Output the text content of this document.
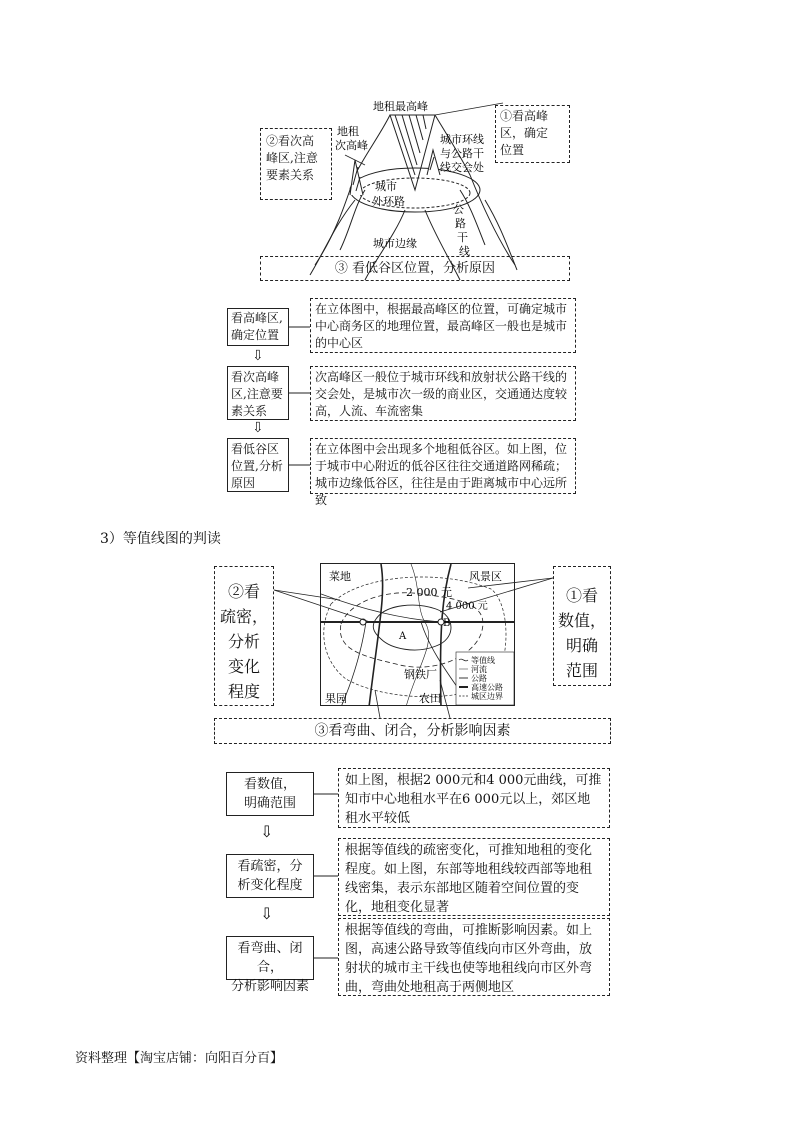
地租最高峰
地租
次高峰	城市环线
与公路干
线交会处
城市
外环路
公
路
干
线
城市边缘
①看高峰
区，确定
位置
②看次高
峰区,注意
要素关系
③ 看低谷区位置，分析原因
看高峰区,
确定位置
在立体图中，根据最高峰区的位置，可确定城市中心商务区的地理位置，最高峰区一般也是城市的中心区
⇩
看次高峰
区,注意要
素关系
次高峰区一般位于城市环线和放射状公路干线的交会处，是城市次一级的商业区，交通通达度较高，人流、车流密集
⇩
看低谷区
位置,分析
原因
在立体图中会出现多个地租低谷区。如上图，位于城市中心附近的低谷区往往交通道路网稀疏；城市边缘低谷区，往往是由于距离城市中心远所致
3）等值线图的判读
②看
疏密，
分析
变化
程度
①看
数值，
明确
范围
③看弯曲、闭合，分析影响因素
菜地	风景区
2 000 元
4 000 元
A
B
钢铁厂
果园	农田
等值线
河流
公路
高速公路
城区边界
看数值，
明确范围
如上图，根据2 000元和4 000元曲线，可推知市中心地租水平在6 000元以上，郊区地租水平较低
⇩
看疏密，分
析变化程度
根据等值线的疏密变化，可推知地租的变化程度。如上图，东部等地租线较西部等地租线密集，表示东部地区随着空间位置的变化，地租变化显著
⇩
看弯曲、闭合，
分析影响因素
根据等值线的弯曲，可推断影响因素。如上图，高速公路导致等值线向市区外弯曲，放射状的城市主干线也使等地租线向市区外弯曲，弯曲处地租高于两侧地区
资料整理【淘宝店铺：向阳百分百】
